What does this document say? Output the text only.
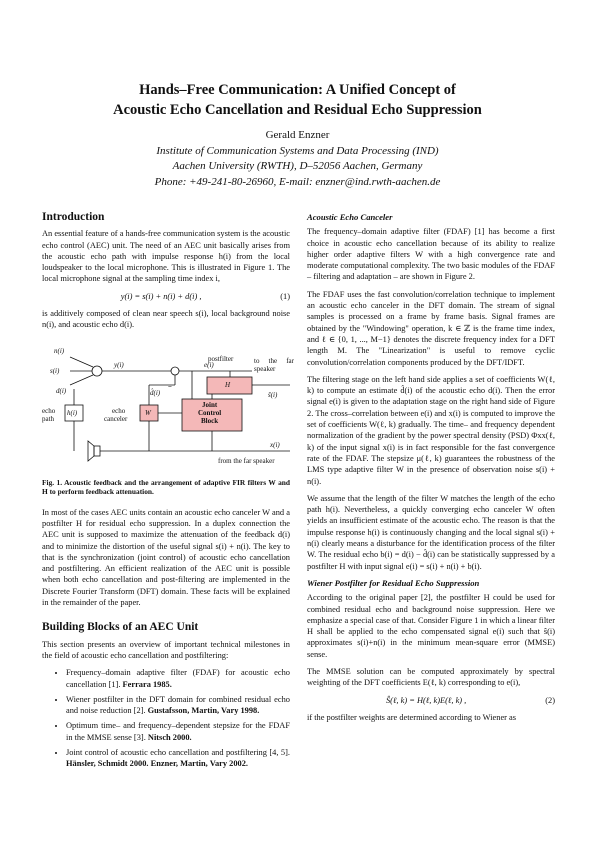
Hands–Free Communication: A Unified Concept of
Acoustic Echo Cancellation and Residual Echo Suppression
Gerald Enzner
Institute of Communication Systems and Data Processing (IND)
Aachen University (RWTH), D–52056 Aachen, Germany
Phone: +49-241-80-26960, E-mail: enzner@ind.rwth-aachen.de
Introduction

An essential feature of a hands-free communication system is the acoustic echo control (AEC) unit. The need of an AEC unit basically arises from the acoustic echo path with impulse response h(i) from the local loudspeaker to the local microphone. This is illustrated in Figure 1. The local microphone signal at the sampling time index i,

y(i) = s(i) + n(i) + d(i) ,	(1)

is additively composed of clean near speech s(i), local background noise n(i), and acoustic echo d(i).

n(i)
s(i)
d(i)
y(i)	e(i)
postfilter	to the far speaker
ŝ(i)
H
W
d̂(i)
−
Joint
Control
Block
echo
path
echo
canceler
h(i)
x(i)
from the far speaker
Fig. 1. Acoustic feedback and the arrangement of adaptive FIR filters W and H to perform feedback attenuation.

In most of the cases AEC units contain an acoustic echo canceler W and a postfilter H for residual echo suppression. In a duplex connection the AEC unit is supposed to maximize the attenuation of the feedback d(i) and to minimize the distortion of the useful signal s(i) + n(i). The key to that is the synchronization (joint control) of acoustic echo cancellation and postfiltering. An efficient realization of the AEC unit is possible when both echo cancellation and post-filtering are implemented in the Discrete Fourier Transform (DFT) domain. These facts will be explained in the remainder of the paper.

Building Blocks of an AEC Unit

This section presents an overview of important technical milestones in the field of acoustic echo cancellation and postfiltering:

• Frequency–domain adaptive filter (FDAF) for acoustic echo cancellation [1]. Ferrara 1985.
• Wiener postfilter in the DFT domain for combined residual echo and noise reduction [2]. Gustafsson, Martin, Vary 1998.
• Optimum time– and frequency–dependent stepsize for the FDAF in the MMSE sense [3]. Nitsch 2000.
• Joint control of acoustic echo cancellation and postfiltering [4, 5]. Hänsler, Schmidt 2000. Enzner, Martin, Vary 2002.
Acoustic Echo Canceler

The frequency–domain adaptive filter (FDAF) [1] has become a first choice in acoustic echo cancellation because of its ability to realize higher order adaptive filters W with a high convergence rate and moderate computational complexity. The two basic modules of the FDAF – filtering and adaptation – are shown in Figure 2.

The FDAF uses the fast convolution/correlation technique to implement an acoustic echo canceler in the DFT domain. The stream of signal samples is processed on a frame by frame basis. Signal frames are obtained by the "Windowing" operation, k ∈ ℤ is the frame time index, and ℓ ∈ {0, 1, ..., M−1} denotes the discrete frequency index for a DFT length M. The "Linearization" is useful to remove cyclic convolution/correlation components produced by the DFT/IDFT.

The filtering stage on the left hand side applies a set of coefficients W(ℓ, k) to compute an estimate d̂(i) of the acoustic echo d(i). Then the error signal e(i) is given to the adaptation stage on the right hand side of Figure 2. The cross–correlation between e(i) and x(i) is computed to improve the set of coefficients W(ℓ, k) gradually. The time– and frequency dependent normalization of the gradient by the power spectral density (PSD) Φxx(ℓ, k) of the input signal x(i) is in fact responsible for the fast convergence rate of the FDAF. The stepsize μ(ℓ, k) guarantees the robustness of the LMS type adaptive filter W in the presence of observation noise s(i) + n(i).

We assume that the length of the filter W matches the length of the echo path h(i). Nevertheless, a quickly converging echo canceler W often yields an insufficient estimate of the acoustic echo. The reason is that the impulse response h(i) is continuously changing and the local signal s(i) + n(i) clearly means a disturbance for the identification process of the filter W. The residual echo b(i) = d(i) − d̂(i) can be statistically suppressed by a postfilter H with input signal e(i) = s(i) + n(i) + b(i).

Wiener Postfilter for Residual Echo Suppression

According to the original paper [2], the postfilter H could be used for combined residual echo and background noise suppression. Here we emphasize a special case of that. Consider Figure 1 in which a linear filter H shall be applied to the echo compensated signal e(i) such that ŝ(i) approximates s(i)+n(i) in the minimum mean-square error (MMSE) sense.

The MMSE solution can be computed approximately by spectral weighting of the DFT coefficients E(ℓ, k) corresponding to e(i),

Ŝ(ℓ, k) = H(ℓ, k)E(ℓ, k) ,	(2)

if the postfilter weights are determined according to Wiener as
